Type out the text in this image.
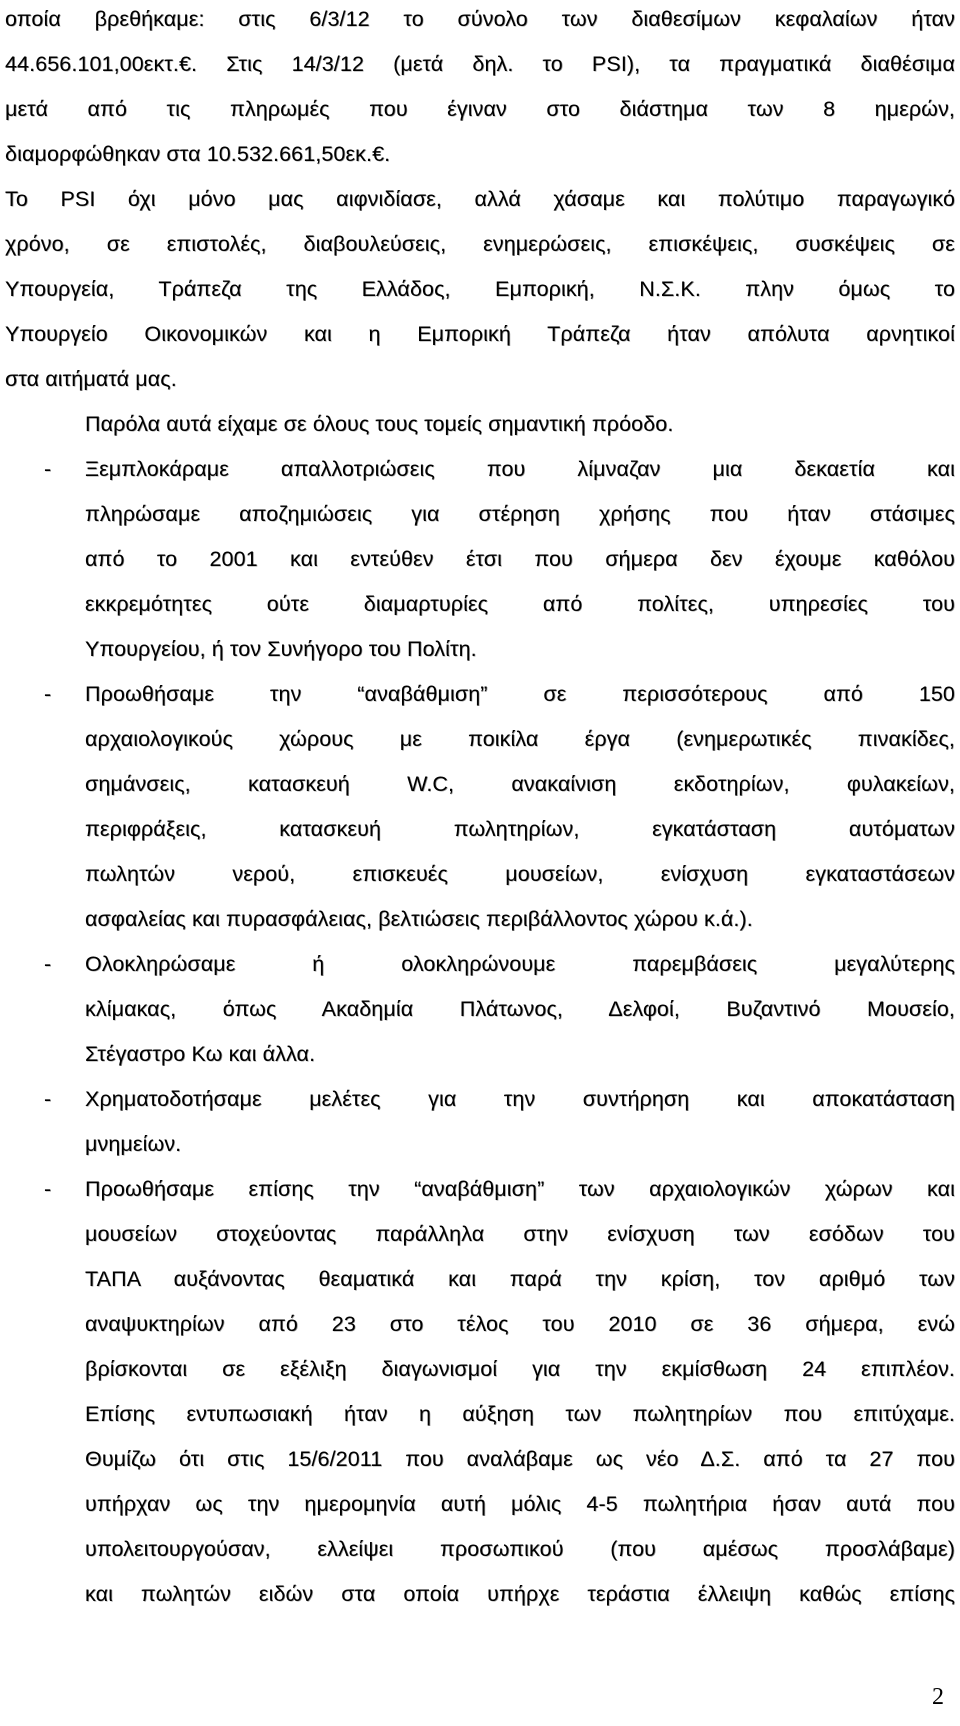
οποία βρεθήκαμε: στις 6/3/12 το σύνολο των διαθεσίμων κεφαλαίων ήταν
44.656.101,00εκτ.€. Στις 14/3/12 (μετά δηλ. το PSI), τα πραγματικά διαθέσιμα
μετά από τις πληρωμές που έγιναν στο διάστημα των 8 ημερών,
διαμορφώθηκαν στα 10.532.661,50εκ.€.
Το PSI όχι μόνο μας αιφνιδίασε, αλλά χάσαμε και πολύτιμο παραγωγικό
χρόνο, σε επιστολές, διαβουλεύσεις, ενημερώσεις, επισκέψεις, συσκέψεις σε
Υπουργεία, Τράπεζα της Ελλάδος, Εμπορική, Ν.Σ.Κ. πλην όμως το
Υπουργείο Οικονομικών και η Εμπορική Τράπεζα ήταν απόλυτα αρνητικοί
στα αιτήματά μας.
Παρόλα αυτά είχαμε σε όλους τους τομείς σημαντική πρόοδο.
- Ξεμπλοκάραμε απαλλοτριώσεις που λίμναζαν μια δεκαετία και
πληρώσαμε αποζημιώσεις για στέρηση χρήσης που ήταν στάσιμες
από το 2001 και εντεύθεν έτσι που σήμερα δεν έχουμε καθόλου
εκκρεμότητες ούτε διαμαρτυρίες από πολίτες, υπηρεσίες του
Υπουργείου, ή τον Συνήγορο του Πολίτη.
- Προωθήσαμε την “αναβάθμιση” σε περισσότερους από 150
αρχαιολογικούς χώρους με ποικίλα έργα (ενημερωτικές πινακίδες,
σημάνσεις, κατασκευή W.C, ανακαίνιση εκδοτηρίων, φυλακείων,
περιφράξεις, κατασκευή πωλητηρίων, εγκατάσταση αυτόματων
πωλητών νερού, επισκευές μουσείων, ενίσχυση εγκαταστάσεων
ασφαλείας και πυρασφάλειας, βελτιώσεις περιβάλλοντος χώρου κ.ά.).
- Ολοκληρώσαμε ή ολοκληρώνουμε παρεμβάσεις μεγαλύτερης
κλίμακας, όπως Ακαδημία Πλάτωνος, Δελφοί, Βυζαντινό Μουσείο,
Στέγαστρο Κω και άλλα.
- Χρηματοδοτήσαμε μελέτες για την συντήρηση και αποκατάσταση
μνημείων.
- Προωθήσαμε επίσης την “αναβάθμιση” των αρχαιολογικών χώρων και
μουσείων στοχεύοντας παράλληλα στην ενίσχυση των εσόδων του
ΤΑΠΑ αυξάνοντας θεαματικά και παρά την κρίση, τον αριθμό των
αναψυκτηρίων από 23 στο τέλος του 2010 σε 36 σήμερα, ενώ
βρίσκονται σε εξέλιξη διαγωνισμοί για την εκμίσθωση 24 επιπλέον.
Επίσης εντυπωσιακή ήταν η αύξηση των πωλητηρίων που επιτύχαμε.
Θυμίζω ότι στις 15/6/2011 που αναλάβαμε ως νέο Δ.Σ. από τα 27 που
υπήρχαν ως την ημερομηνία αυτή μόλις 4-5 πωλητήρια ήσαν αυτά που
υπολειτουργούσαν, ελλείψει προσωπικού (που αμέσως προσλάβαμε)
και πωλητών ειδών στα οποία υπήρχε τεράστια έλλειψη καθώς επίσης
2
